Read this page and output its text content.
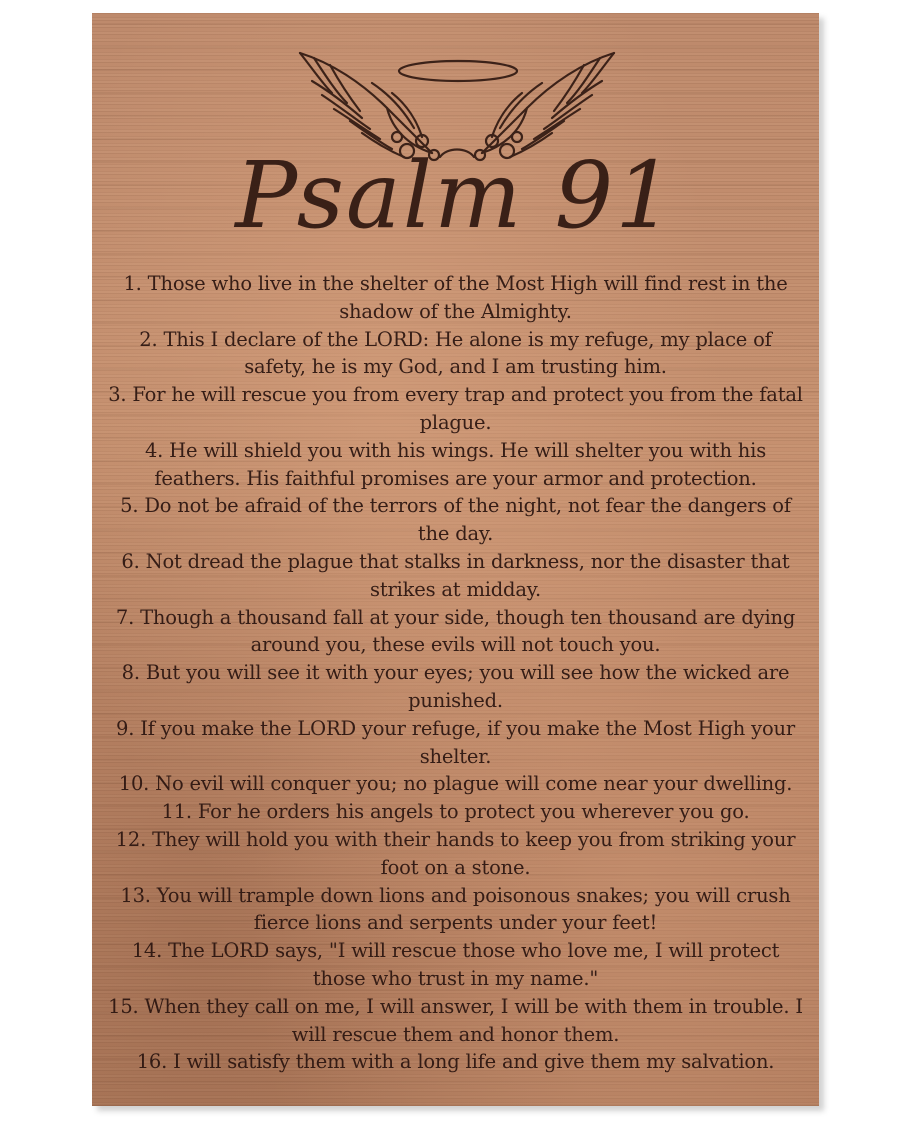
Psalm 91
1. Those who live in the shelter of the Most High will find rest in the shadow of the Almighty.
2. This I declare of the LORD: He alone is my refuge, my place of safety, he is my God, and I am trusting him.
3. For he will rescue you from every trap and protect you from the fatal plague.
4. He will shield you with his wings. He will shelter you with his feathers. His faithful promises are your armor and protection.
5. Do not be afraid of the terrors of the night, not fear the dangers of the day.
6. Not dread the plague that stalks in darkness, nor the disaster that strikes at midday.
7. Though a thousand fall at your side, though ten thousand are dying around you, these evils will not touch you.
8. But you will see it with your eyes; you will see how the wicked are punished.
9. If you make the LORD your refuge, if you make the Most High your shelter.
10. No evil will conquer you; no plague will come near your dwelling.
11. For he orders his angels to protect you wherever you go.
12. They will hold you with their hands to keep you from striking your foot on a stone.
13. You will trample down lions and poisonous snakes; you will crush fierce lions and serpents under your feet!
14. The LORD says, "I will rescue those who love me, I will protect those who trust in my name."
15. When they call on me, I will answer, I will be with them in trouble. I will rescue them and honor them.
16. I will satisfy them with a long life and give them my salvation.
